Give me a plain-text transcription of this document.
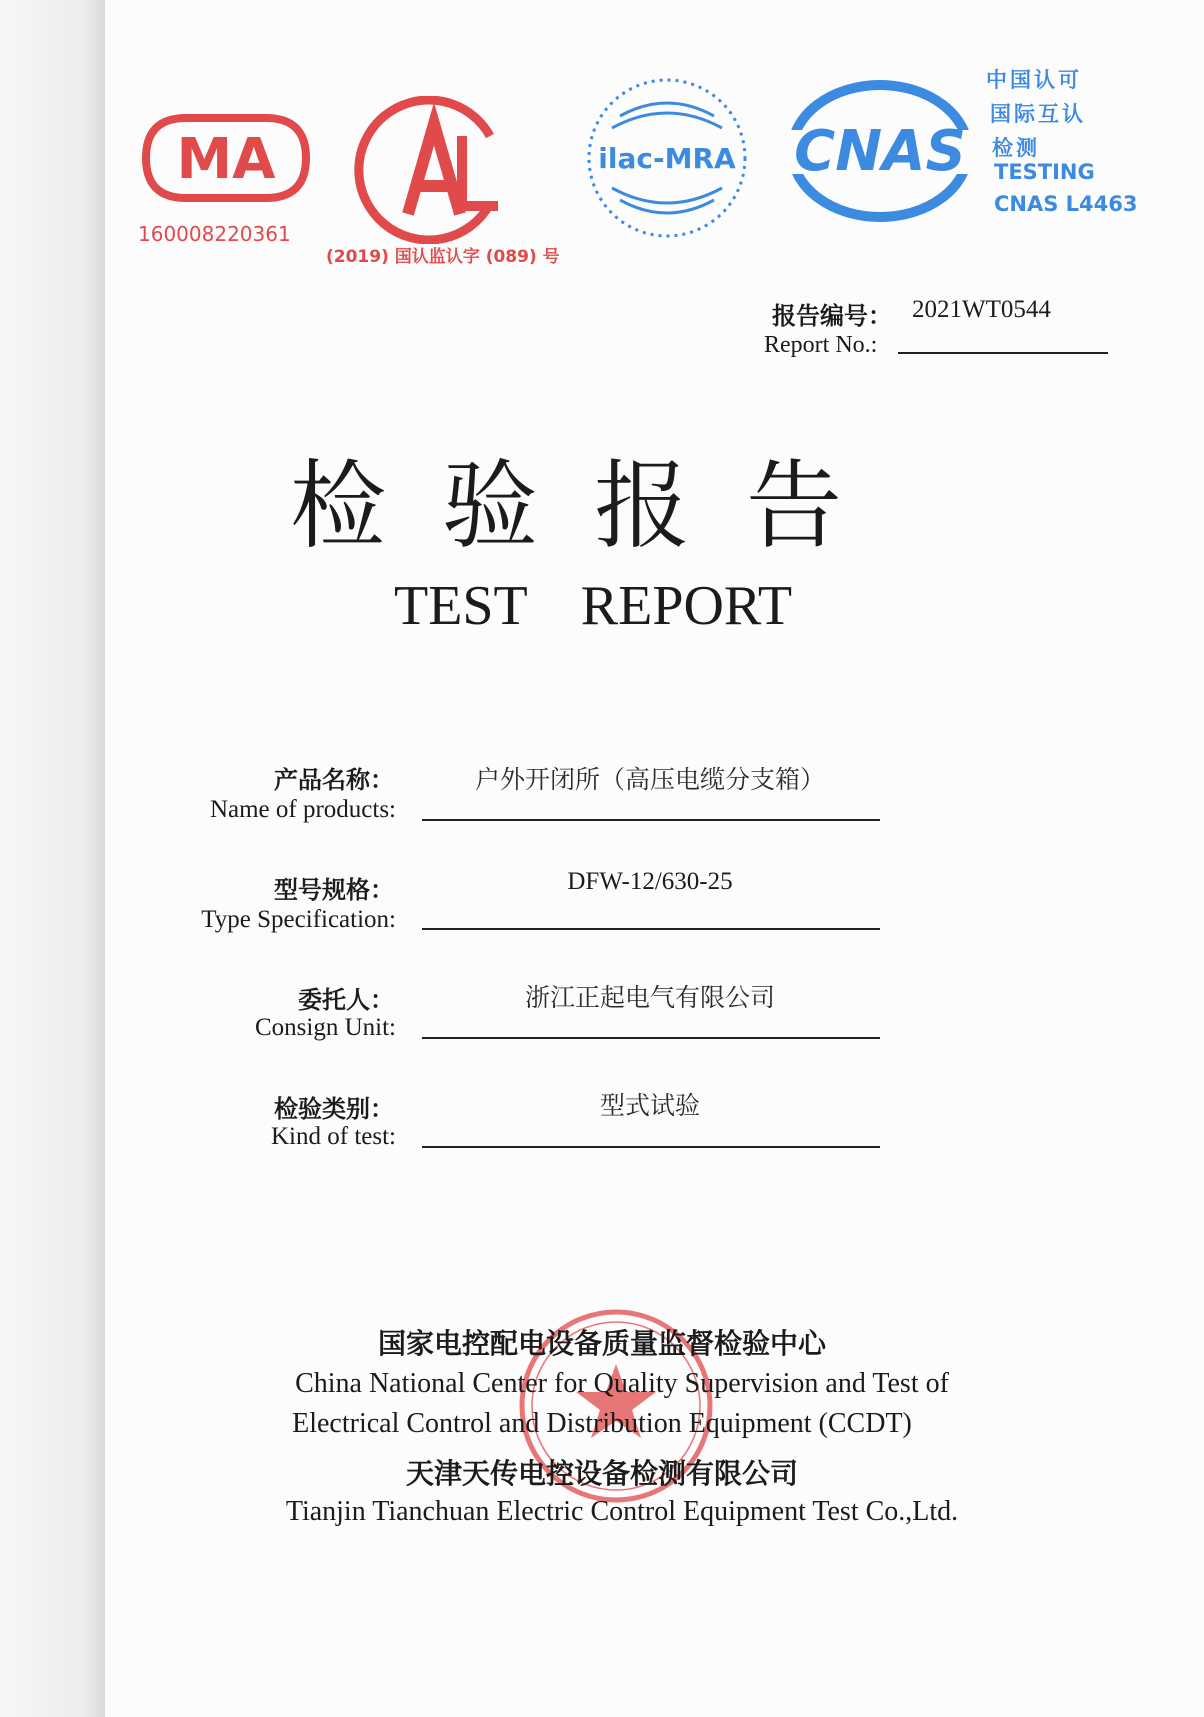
MA
160008220361
(2019) 国认监认字 (089) 号
ilac-MRA CNAS
中国认可
国际互认
检测
TESTING
CNAS L4463
报告编号： 2021WT0544
Report No.:
检验报告
TEST REPORT
产品名称：	户外开闭所（高压电缆分支箱）
Name of products:
型号规格：	DFW-12/630-25
Type Specification:
委托人：	浙江正起电气有限公司
Consign Unit:
检验类别：	型式试验
Kind of test:
国家电控配电设备质量监督检验中心
China National Center for Quality Supervision and Test of
Electrical Control and Distribution Equipment (CCDT)
天津天传电控设备检测有限公司
Tianjin Tianchuan Electric Control Equipment Test Co.,Ltd.
